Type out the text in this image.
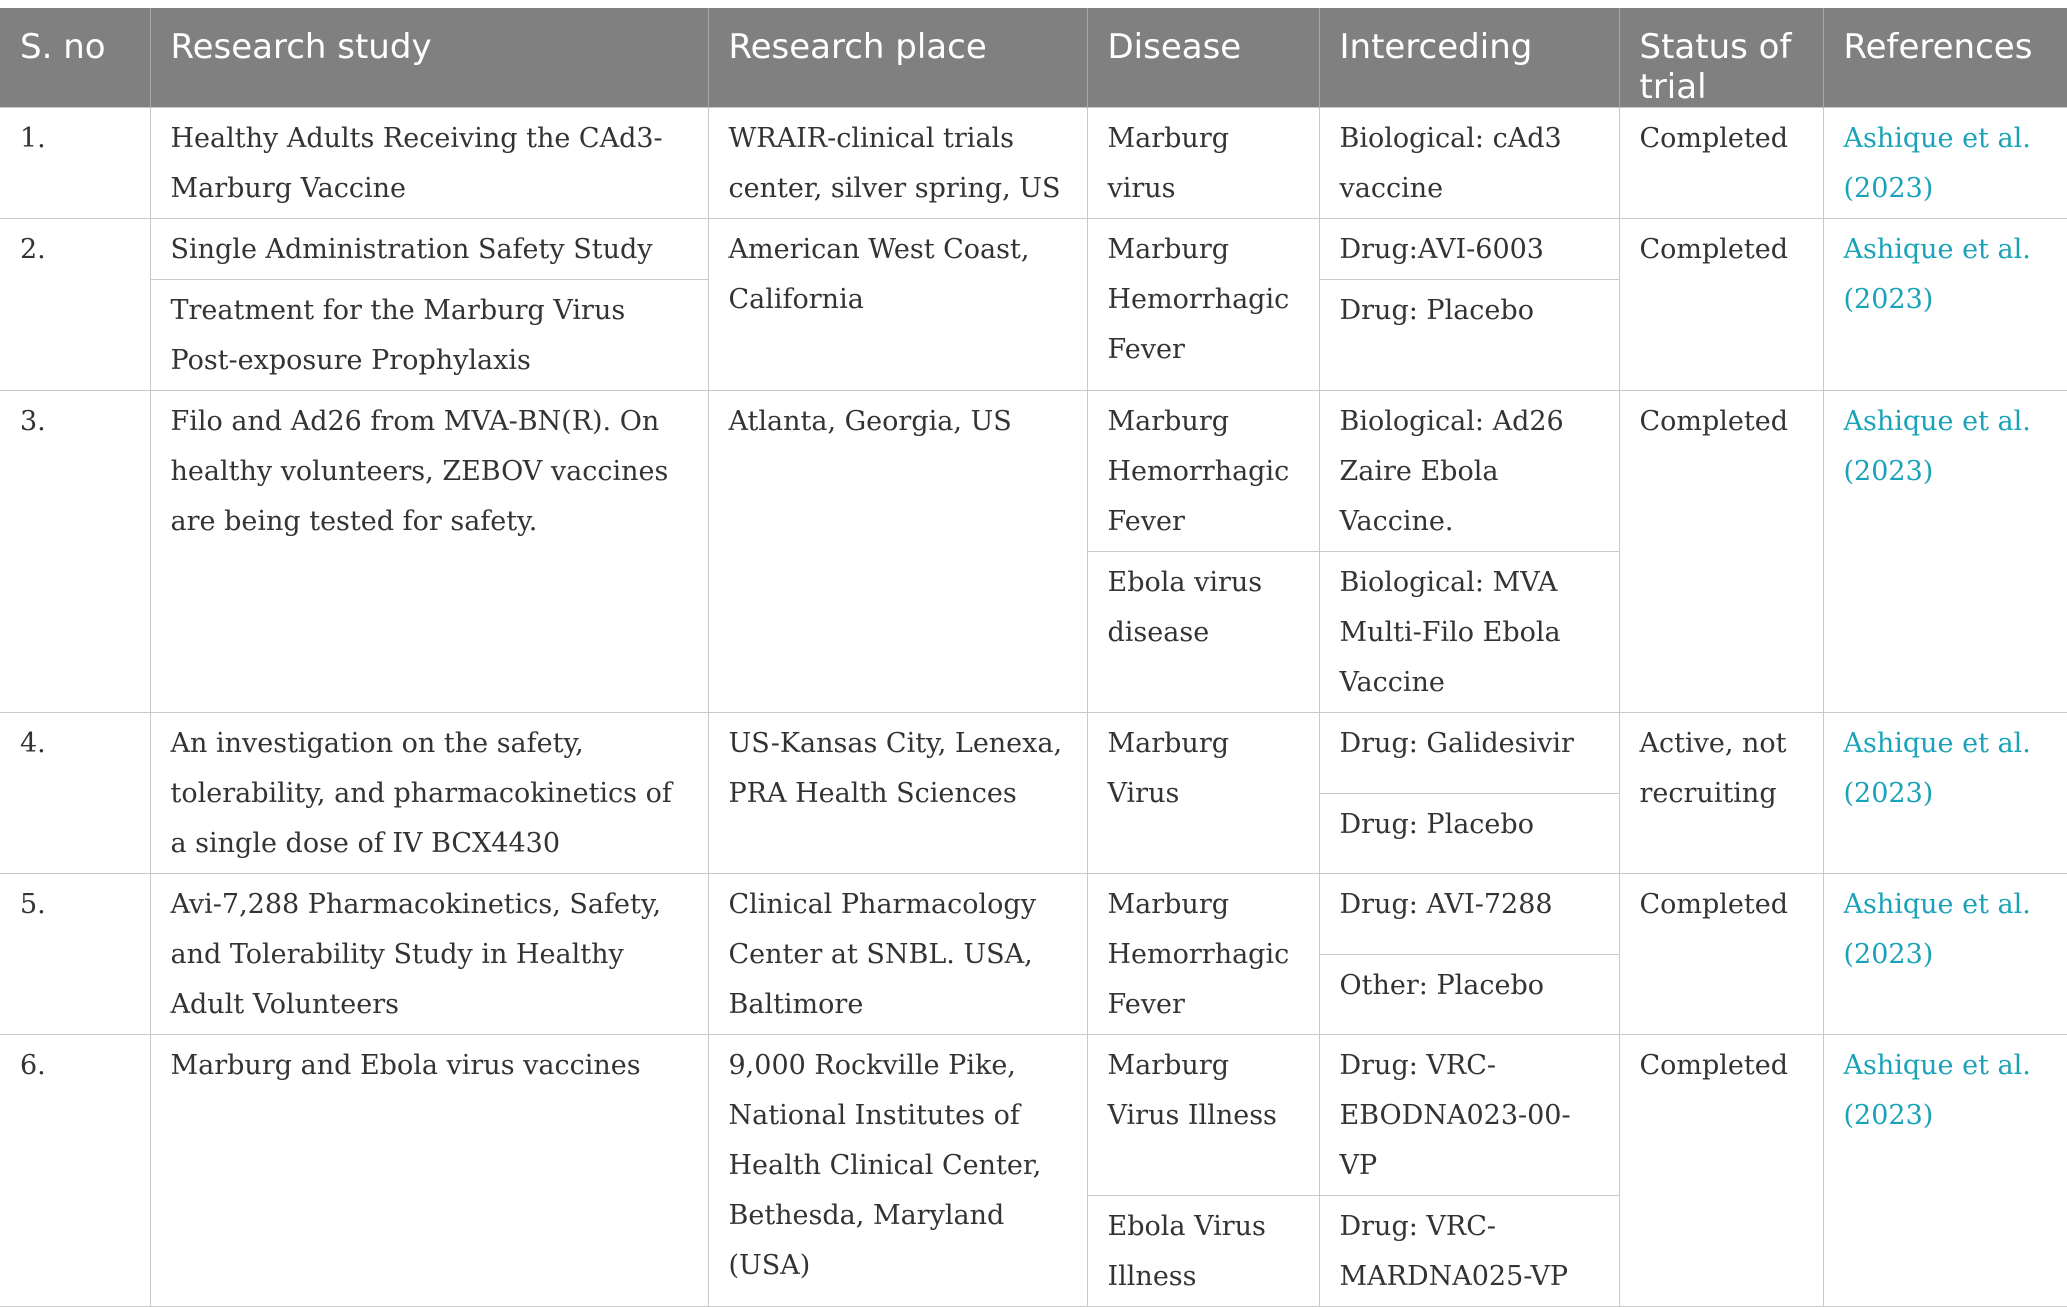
S. no	Research study	Research place	Disease	Interceding	Status of trial	References
1.	Healthy Adults Receiving the CAd3-Marburg Vaccine	WRAIR-clinical trials center, silver spring, US	Marburg virus	Biological: cAd3 vaccine	Completed	Ashique et al. (2023)
2.	Single Administration Safety Study	American West Coast, California	Marburg Hemorrhagic Fever	Drug:AVI-6003	Completed	Ashique et al. (2023)
	Treatment for the Marburg Virus Post-exposure Prophylaxis			Drug: Placebo		
3.	Filo and Ad26 from MVA-BN(R). On healthy volunteers, ZEBOV vaccines are being tested for safety.	Atlanta, Georgia, US	Marburg Hemorrhagic Fever	Biological: Ad26 Zaire Ebola Vaccine.	Completed	Ashique et al. (2023)
			Ebola virus disease	Biological: MVA Multi-Filo Ebola Vaccine		
4.	An investigation on the safety, tolerability, and pharmacokinetics of a single dose of IV BCX4430	US-Kansas City, Lenexa, PRA Health Sciences	Marburg Virus	Drug: Galidesivir	Active, not recruiting	Ashique et al. (2023)
				Drug: Placebo		
5.	Avi-7,288 Pharmacokinetics, Safety, and Tolerability Study in Healthy Adult Volunteers	Clinical Pharmacology Center at SNBL. USA, Baltimore	Marburg Hemorrhagic Fever	Drug: AVI-7288	Completed	Ashique et al. (2023)
				Other: Placebo		
6.	Marburg and Ebola virus vaccines	9,000 Rockville Pike, National Institutes of Health Clinical Center, Bethesda, Maryland (USA)	Marburg Virus Illness	Drug: VRC-EBODNA023-00-VP	Completed	Ashique et al. (2023)
			Ebola Virus Illness	Drug: VRC-MARDNA025-VP		
